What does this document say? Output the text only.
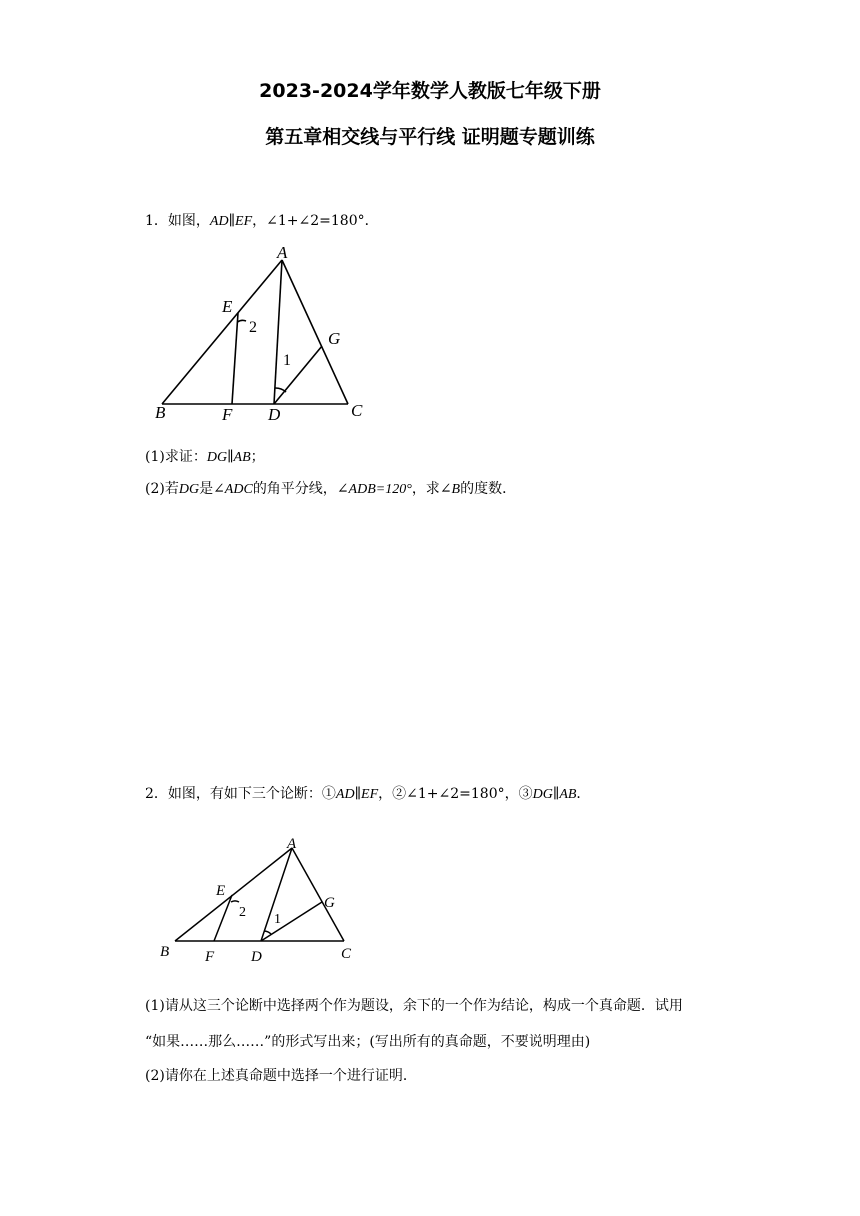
2023-2024学年数学人教版七年级下册
第五章相交线与平行线 证明题专题训练
1．如图，AD∥EF，∠1+∠2=180°．
A
B	C
D
E
F
G
1
2
(1)求证：DG∥AB；
(2)若DG是∠ADC的角平分线，∠ADB=120°，求∠B的度数．
2．如图，有如下三个论断：①AD∥EF，②∠1+∠2=180°，③DG∥AB．
A
B	C
D
E
F
G
1
2
(1)请从这三个论断中选择两个作为题设，余下的一个作为结论，构成一个真命题．试用
“如果……那么……”的形式写出来；(写出所有的真命题，不要说明理由)
(2)请你在上述真命题中选择一个进行证明．
